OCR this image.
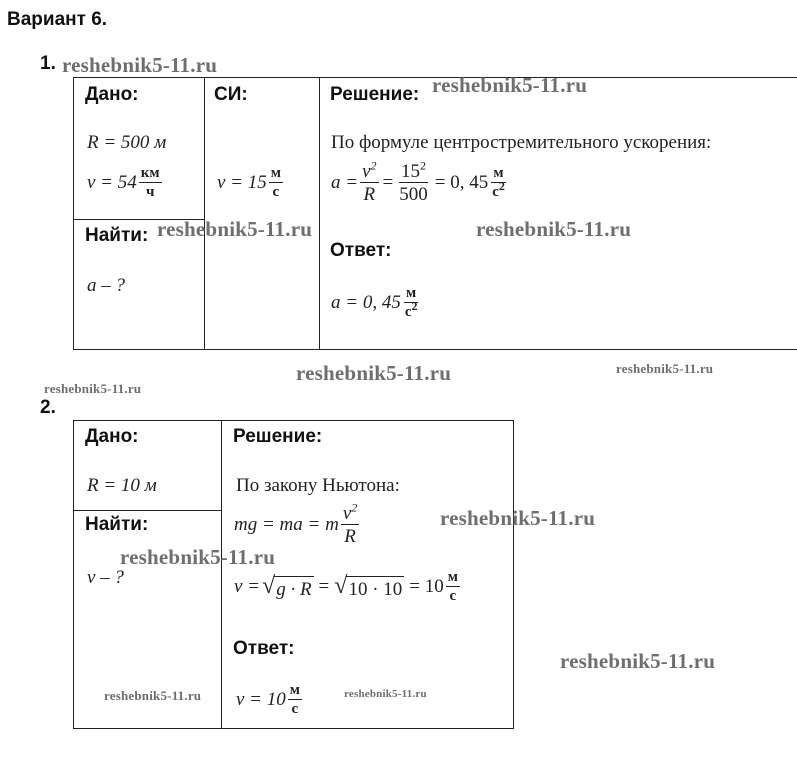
Вариант 6.
1.
Дано:	СИ:	Решение:
R = 500 м
$v = 54 \frac{км}{ч}$	$v = 15 \frac{м}{с}$
Найти:
a – ?
По формуле центростремительного ускорения:
$a = \frac{v^2}{R} = \frac{15^2}{500} = 0$, $45 \frac{м}{с^2}$
Ответ:
a = 0, $45 \frac{м}{с^2}$
2.
Дано:	Решение:
R = 10 м
Найти:
v – ?
По закону Ньютона:
mg = ma = m $\frac{v^2}{R}$
v = √ g · R = √ $10 \cdot 10 = 10 \frac{м}{с}$
Ответ:
$v = 10 \frac{м}{с}$
reshebnik5-11.ru
reshebnik5-11.ru
reshebnik5-11.ru	reshebnik5-11.ru
reshebnik5-11.ru	reshebnik5-11.ru
reshebnik5-11.ru
reshebnik5-11.ru
reshebnik5-11.ru
reshebnik5-11.ru
reshebnik5-11.ru	reshebnik5-11.ru
